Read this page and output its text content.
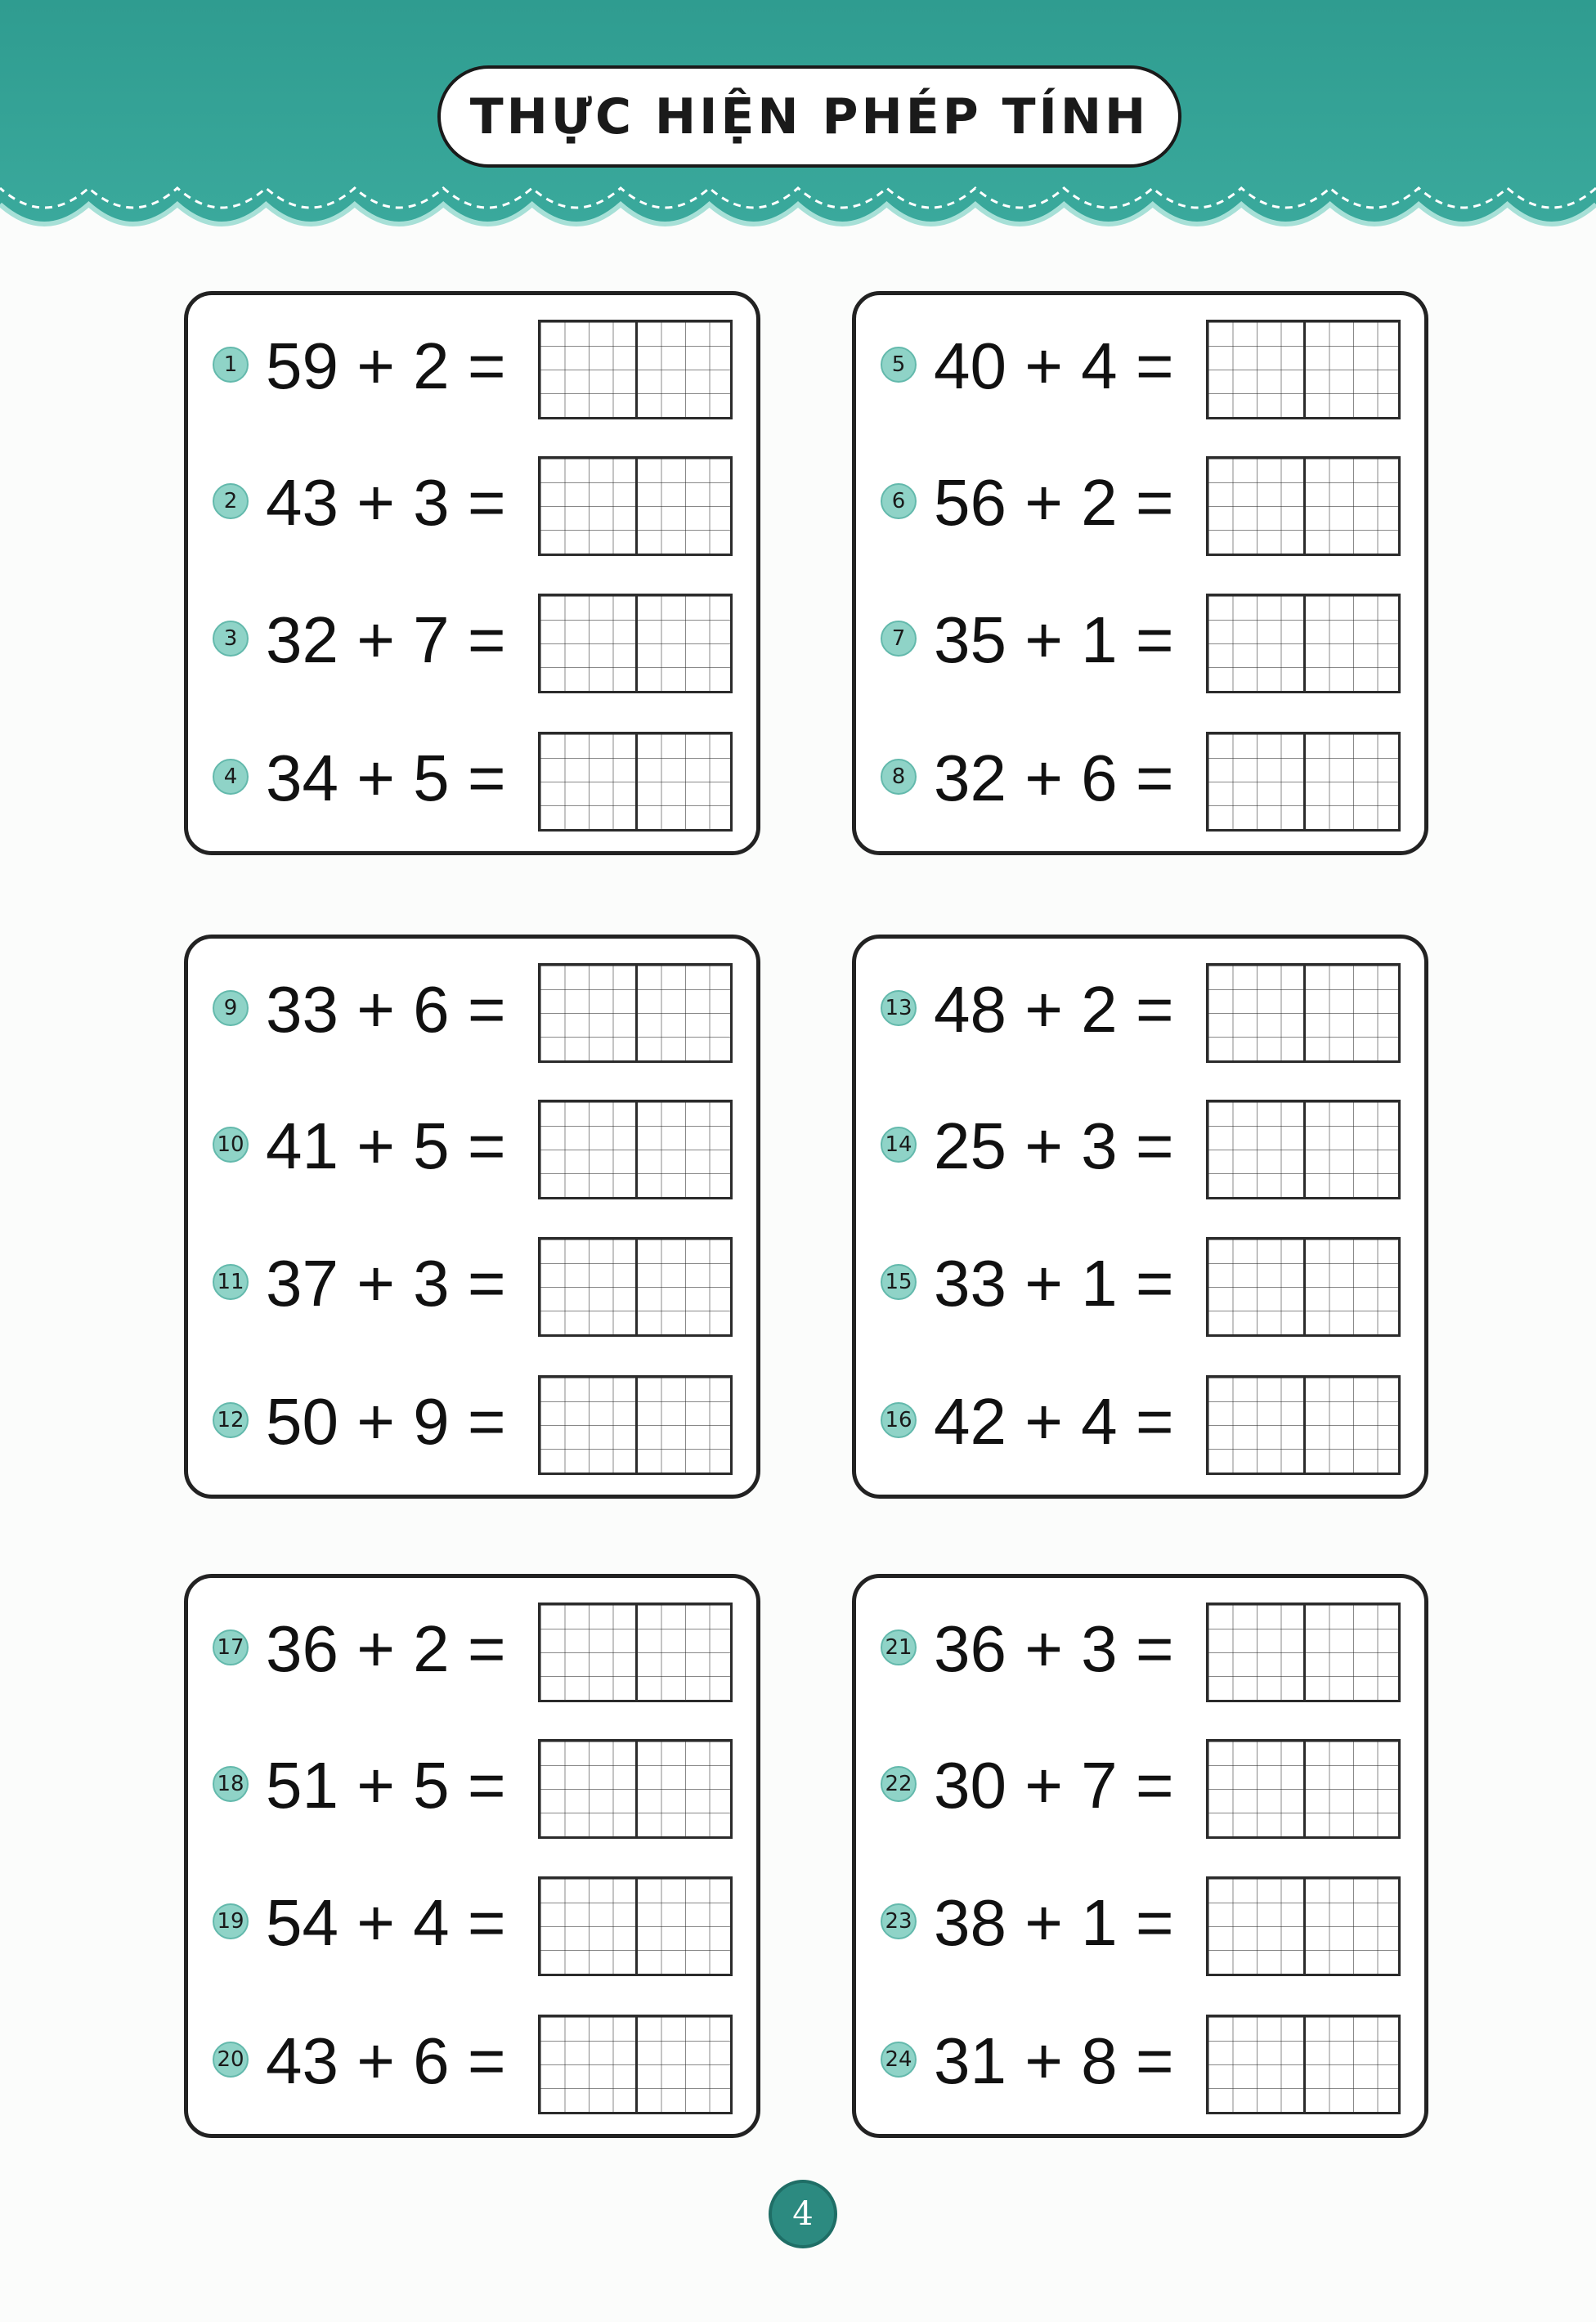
THỰC HIỆN PHÉP TÍNH
1 59 + 2 =
2 43 + 3 =
3 32 + 7 =
4 34 + 5 =
5 40 + 4 =
6 56 + 2 =
7 35 + 1 =
8 32 + 6 =
9 33 + 6 =
10 41 + 5 =
11 37 + 3 =
12 50 + 9 =
13 48 + 2 =
14 25 + 3 =
15 33 + 1 =
16 42 + 4 =
17 36 + 2 =
18 51 + 5 =
19 54 + 4 =
20 43 + 6 =
21 36 + 3 =
22 30 + 7 =
23 38 + 1 =
24 31 + 8 =
4
